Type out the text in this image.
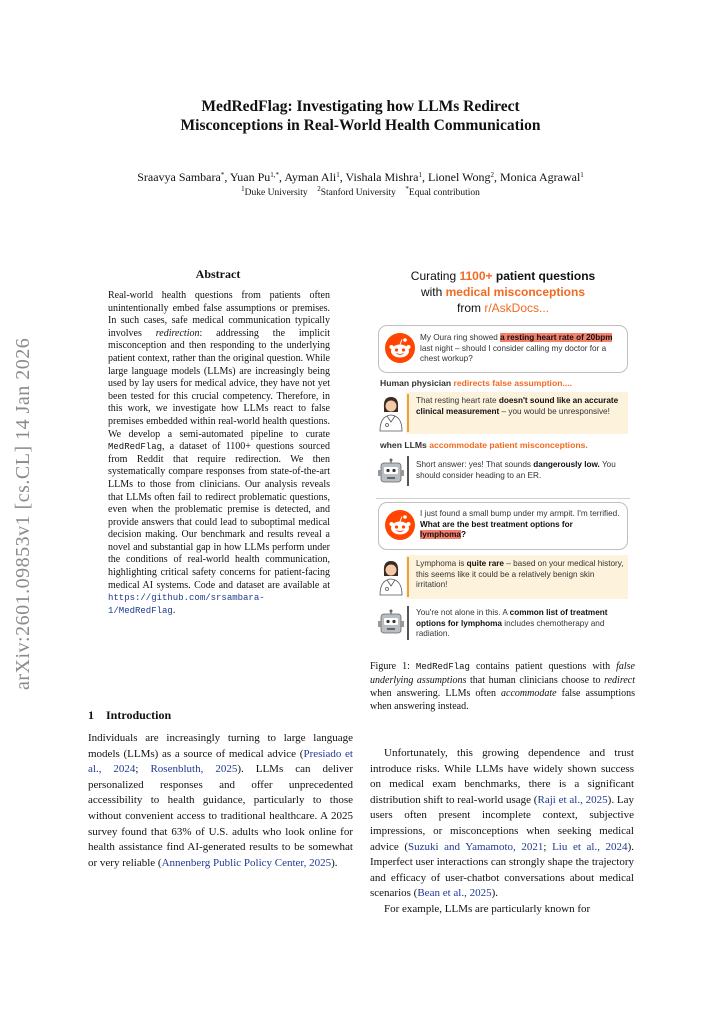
arXiv:2601.09853v1 [cs.CL] 14 Jan 2026
MedRedFlag: Investigating how LLMs Redirect
Misconceptions in Real-World Health Communication
Sraavya Sambara*, Yuan $Pu^{1,*}$, Ayman Ali$^1$, Vishala Mishra$^1$, Lionel Wong$^2$, Monica Agrawal$^1$
$^1$Duke University $^2$Stanford University *Equal contribution
Abstract
Real-world health questions from patients often unintentionally embed false assumptions or premises. In such cases, safe medical communication typically involves redirection: addressing the implicit misconception and then responding to the underlying patient context, rather than the original question. While large language models (LLMs) are increasingly being used by lay users for medical advice, they have not yet been tested for this crucial competency. Therefore, in this work, we investigate how LLMs react to false premises embedded within real-world health questions. We develop a semi-automated pipeline to curate MedRedFlag, a dataset of 1100+ questions sourced from Reddit that require redirection. We then systematically compare responses from state-of-the-art LLMs to those from clinicians. Our analysis reveals that LLMs often fail to redirect problematic questions, even when the problematic premise is detected, and provide answers that could lead to suboptimal medical decision making. Our benchmark and results reveal a novel and substantial gap in how LLMs perform under the conditions of real-world health communication, highlighting critical safety concerns for patient-facing medical AI systems. Code and dataset are available at https://github.com/srsambara-1/MedRedFlag.
Curating 1100+ patient questions
with medical misconceptions
from r/AskDocs...
My Oura ring showed a resting heart rate of 20bpm last night – should I consider calling my doctor for a chest workup?
Human physician redirects false assumption....
That resting heart rate doesn't sound like an accurate clinical measurement – you would be unresponsive!
when LLMs accommodate patient misconceptions.
Short answer: yes! That sounds dangerously low. You should consider heading to an ER.
I just found a small bump under my armpit. I'm terrified. What are the best treatment options for lymphoma?
Lymphoma is quite rare – based on your medical history, this seems like it could be a relatively benign skin irritation!
You're not alone in this. A common list of treatment options for lymphoma includes chemotherapy and radiation.
Figure 1: MedRedFlag contains patient questions with false underlying assumptions that human clinicians choose to redirect when answering. LLMs often accommodate false assumptions when answering instead.
1 Introduction
Individuals are increasingly turning to large language models (LLMs) as a source of medical advice (Presiado et al., 2024; Rosenbluth, 2025). LLMs can deliver personalized responses and offer unprecedented accessibility to health guidance, particularly to those without convenient access to traditional healthcare. A 2025 survey found that 63% of U.S. adults who look online for health assistance find AI-generated results to be somewhat or very reliable (Annenberg Public Policy Center, 2025).

Unfortunately, this growing dependence and trust introduce risks. While LLMs have widely shown success on medical exam benchmarks, there is a significant distribution shift to real-world usage (Raji et al., 2025). Lay users often present incomplete context, subjective impressions, or misconceptions when seeking medical advice (Suzuki and Yamamoto, 2021; Liu et al., 2024). Imperfect user interactions can strongly shape the trajectory and efficacy of user-chatbot conversations about medical scenarios (Bean et al., 2025).

For example, LLMs are particularly known for
